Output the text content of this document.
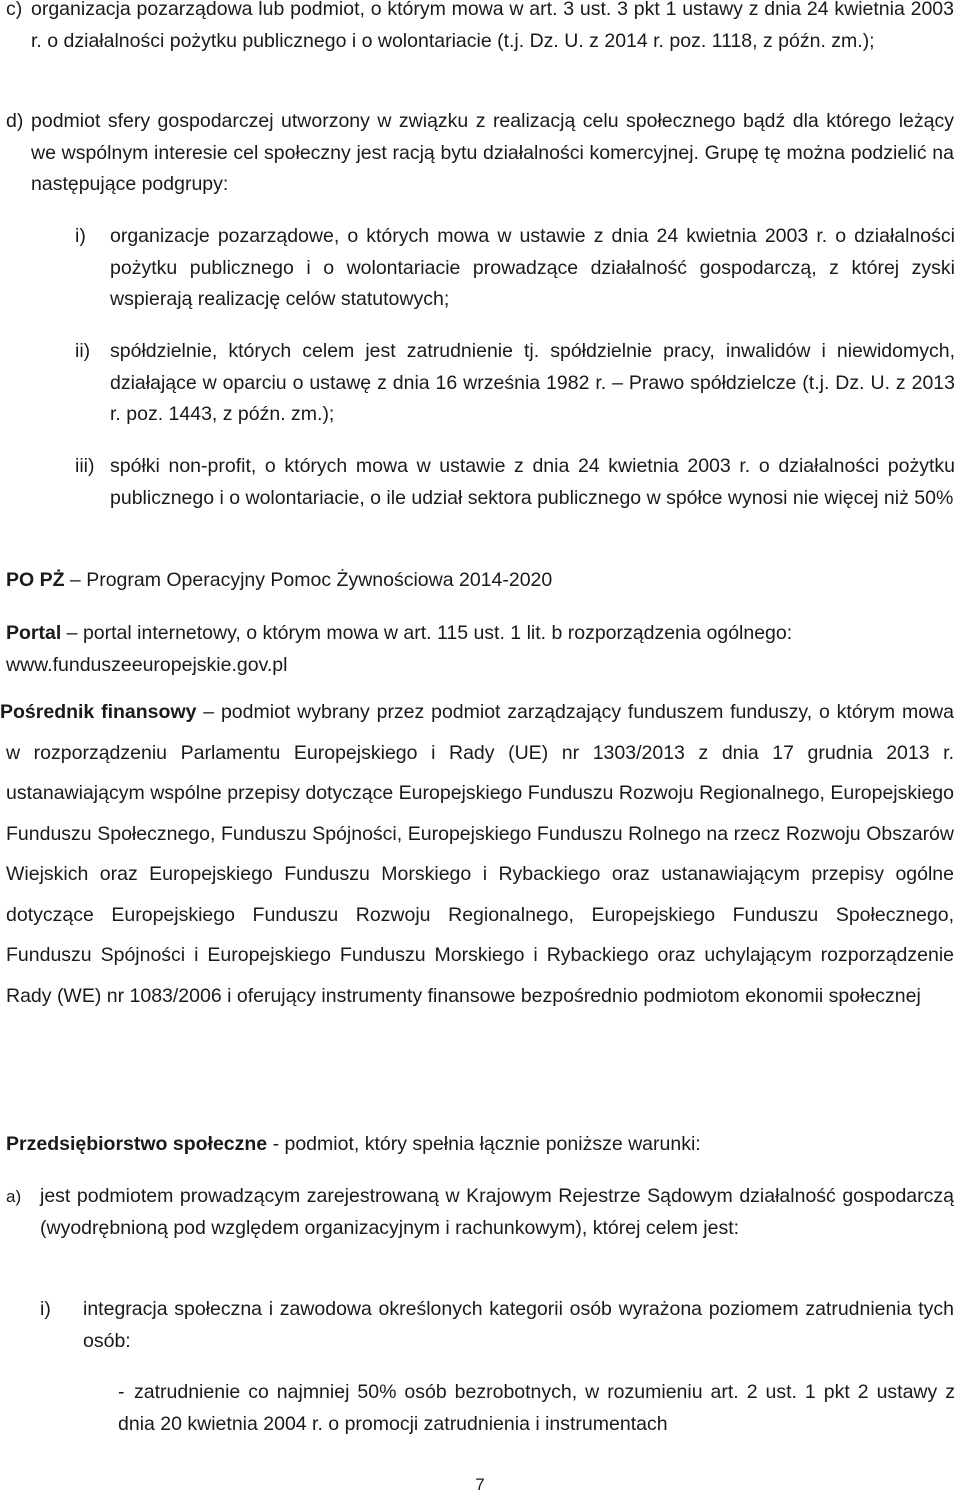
c) organizacja pozarządowa lub podmiot, o którym mowa w art. 3 ust. 3 pkt 1 ustawy z dnia 24 kwietnia 2003 r. o działalności pożytku publicznego i o wolontariacie (t.j. Dz. U. z 2014 r. poz. 1118, z późn. zm.);
d) podmiot sfery gospodarczej utworzony w związku z realizacją celu społecznego bądź dla którego leżący we wspólnym interesie cel społeczny jest racją bytu działalności komercyjnej. Grupę tę można podzielić na następujące podgrupy:
i) organizacje pozarządowe, o których mowa w ustawie z dnia 24 kwietnia 2003 r. o działalności pożytku publicznego i o wolontariacie prowadzące działalność gospodarczą, z której zyski wspierają realizację celów statutowych;
ii) spółdzielnie, których celem jest zatrudnienie tj. spółdzielnie pracy, inwalidów i niewidomych, działające w oparciu o ustawę z dnia 16 września 1982 r. – Prawo spółdzielcze (t.j. Dz. U. z 2013 r. poz. 1443, z późn. zm.);
iii) spółki non-profit, o których mowa w ustawie z dnia 24 kwietnia 2003 r. o działalności pożytku publicznego i o wolontariacie, o ile udział sektora publicznego w spółce wynosi nie więcej niż 50%
PO PŻ – Program Operacyjny Pomoc Żywnościowa 2014-2020
Portal – portal internetowy, o którym mowa w art. 115 ust. 1 lit. b rozporządzenia ogólnego: www.funduszeeuropejskie.gov.pl
Pośrednik finansowy – podmiot wybrany przez podmiot zarządzający funduszem funduszy, o którym mowa w rozporządzeniu Parlamentu Europejskiego i Rady (UE) nr 1303/2013 z dnia 17 grudnia 2013 r. ustanawiającym wspólne przepisy dotyczące Europejskiego Funduszu Rozwoju Regionalnego, Europejskiego Funduszu Społecznego, Funduszu Spójności, Europejskiego Funduszu Rolnego na rzecz Rozwoju Obszarów Wiejskich oraz Europejskiego Funduszu Morskiego i Rybackiego oraz ustanawiającym przepisy ogólne dotyczące Europejskiego Funduszu Rozwoju Regionalnego, Europejskiego Funduszu Społecznego, Funduszu Spójności i Europejskiego Funduszu Morskiego i Rybackiego oraz uchylającym rozporządzenie Rady (WE) nr 1083/2006 i oferujący instrumenty finansowe bezpośrednio podmiotom ekonomii społecznej
Przedsiębiorstwo społeczne - podmiot, który spełnia łącznie poniższe warunki:
a) jest podmiotem prowadzącym zarejestrowaną w Krajowym Rejestrze Sądowym działalność gospodarczą (wyodrębnioną pod względem organizacyjnym i rachunkowym), której celem jest:
i) integracja społeczna i zawodowa określonych kategorii osób wyrażona poziomem zatrudnienia tych osób:
- zatrudnienie co najmniej 50% osób bezrobotnych, w rozumieniu art. 2 ust. 1 pkt 2 ustawy z dnia 20 kwietnia 2004 r. o promocji zatrudnienia i instrumentach
7
